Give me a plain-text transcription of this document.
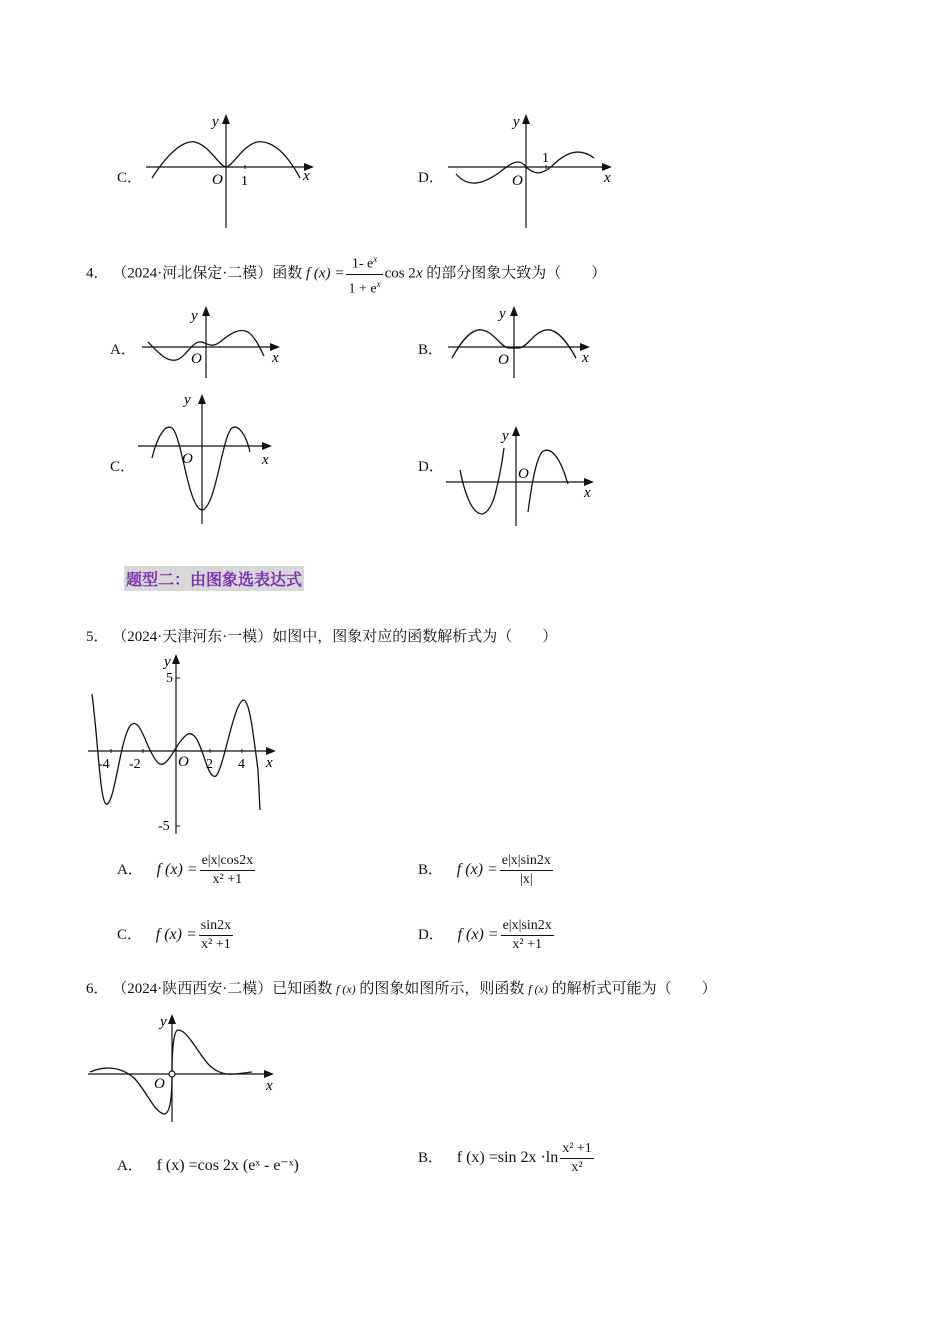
C．	O 1	x
y
D．	O
1
x
y
4． （2024·河北保定·二模）函数 f $(x) = \frac{1- e^x}{1 + e^x}$ cos 2x 的部分图象大致为（　　）
A．
O	x
y
B．
O	x
y
C．	O	x
y
D．	O
x
y
题型二：由图象选表达式
5． （2024·天津河东·一模）如图中，图象对应的函数解析式为（　　）
5
-5
-4 -2	2 4
O	x
y
A． f $(x) = \frac{e|x|\cos 2x}{\text{x² +1}}$	B． f $(x) = \frac{e|x|\sin 2x}{|x|}$
C． f $(x) = \frac{\sin 2x}{\text{x² +1}}$	D． f $(x) = \frac{e|x|\sin 2x}{\text{x² +1}}$
6． （2024·陕西西安·二模）已知函数 f (x) 的图象如图所示，则函数 f (x) 的解析式可能为（　　）
O	x
y
A． f (x) =cos 2x (eˣ - e⁻ˣ)	B． f (x) =sin $2x \cdot\ln \frac{\text{x² +1}}{\text{x²}}$
